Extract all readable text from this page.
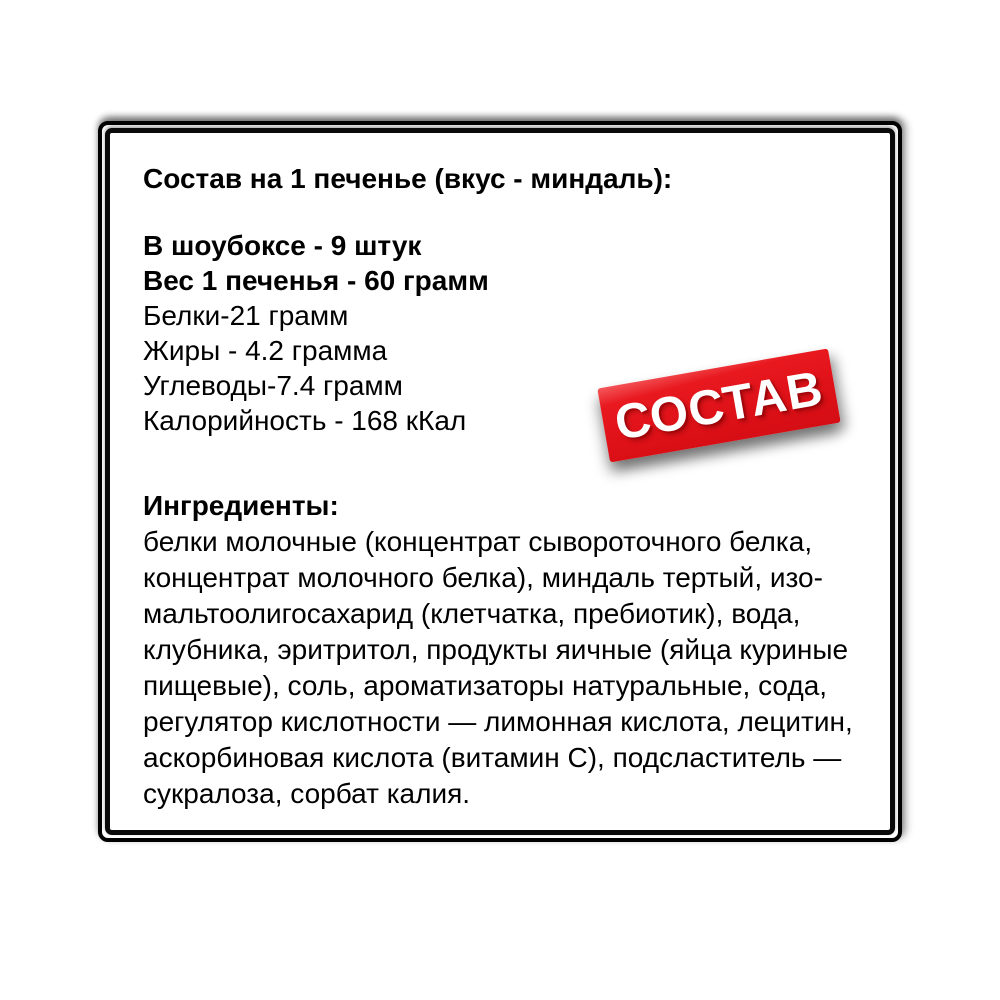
Состав на 1 печенье (вкус - миндаль):
В шоубоксе - 9 штук
Вес 1 печенья - 60 грамм
Белки-21 грамм
Жиры - 4.2 грамма
Углеводы-7.4 грамм
Калорийность - 168 кКал
Ингредиенты:
белки молочные (концентрат сывороточного белка,
концентрат молочного белка), миндаль тертый, изо-
мальтоолигосахарид (клетчатка, пребиотик), вода,
клубника, эритритол, продукты яичные (яйца куриные
пищевые), соль, ароматизаторы натуральные, сода,
регулятор кислотности — лимонная кислота, лецитин,
аскорбиновая кислота (витамин С), подсластитель —
сукралоза, сорбат калия.
СОСТАВ
